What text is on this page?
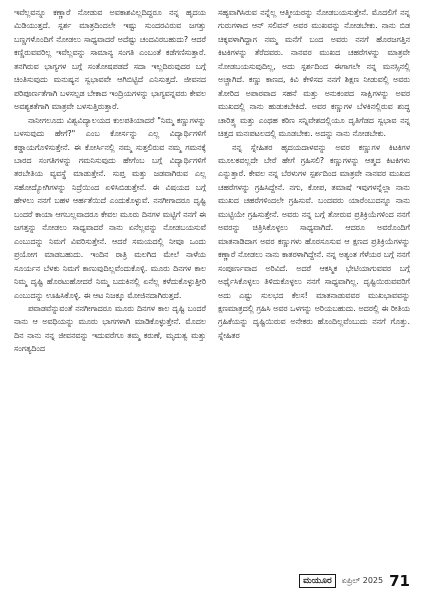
ಇವೆಲ್ಲವನ್ನೂ ಕಣ್ಣಾರೆ ನೋಡುವ ಅವಕಾಶವಿಲ್ಲದಿದ್ದರೂ ನನ್ನ ಹೃದಯ ಮಿಡಿಯುತ್ತದೆ. ಸ್ಪರ್ಶ ಮಾತ್ರದಿಂದಲೇ ಇಷ್ಟು ಸುಂದರವಿರುವ ಜಗತ್ತು ಬಣ್ಣಗಳೊಂದಿಗೆ ನೋಡಲು ಸಾಧ್ಯವಾದರೆ ಅದೆಷ್ಟು ಚಂದವಿರಬಹುದು? ಆದರೆ ಕಣ್ಣಿರುವವರಿಲ್ಲ ಇವೆಲ್ಲವನ್ನು ಸಾಮಾನ್ಯ ಸಂಗತಿ ಎಂಬಂತೆ ಕಡೆಗಣಿಸುತ್ತಾರೆ. ತನಗಿರುವ ಭಾಗ್ಯಗಳ ಬಗ್ಗೆ ಸಂತೋಷಪಡದೆ ಸದಾ ಇಲ್ಲದಿರುವುದರ ಬಗ್ಗೆ ಚಿಂತಿಸುವುದು ಮನುಷ್ಯನ ಸ್ವಭಾವವೇ ಆಗಿಬಿಟ್ಟಿದೆ ಎನಿಸುತ್ತದೆ. ಜೀವನದ ಪರಿಪೂರ್ಣತೆಗಾಗಿ ಬಳಸಲ್ಪಡ ಬೇಕಾದ ಇಂದ್ರಿಯಗಳನ್ನು ಭಾಗ್ಯವನ್ನವರು ಕೇವಲ ಅವಶ್ಯಕತೆಗಾಗಿ ಮಾತ್ರವೇ ಬಳಸುತ್ತಿರುತ್ತಾರೆ.

ನಾನೀಗಲೂದು ವಿಶ್ವವಿದ್ಯಾಲಯದ ಕುಲಪತಿಯಾದರೆ "ನಿಮ್ಮ ಕಣ್ಣುಗಳನ್ನು ಬಳಸುವುದು ಹೇಗೆ?" ಎಂಬ ಕೋರ್ಸನ್ನು ಎಲ್ಲ ವಿದ್ಯಾರ್ಥಿಗಳಿಗೆ ಕಡ್ಡಾಯಗೊಳಿಸುತ್ತೇನೆ. ಈ ಕೋರ್ಸಿನಲ್ಲಿ ನಮ್ಮ ಸುತ್ತಲಿರುವ ನಮ್ಮ ಗಮನಕ್ಕೆ ಬಾರದ ಸಂಗತಿಗಳನ್ನು ಗಮನಿಸುವುದು ಹೇಗೆಂಬ ಬಗ್ಗೆ ವಿದ್ಯಾರ್ಥಿಗಳಿಗೆ ತರಬೇತಿಯ ವ್ಯವಸ್ಥೆ ಮಾಡುತ್ತೇನೆ. ಸುಪ್ತ ಮತ್ತು ಜಡವಾಗಿರುವ ಎಲ್ಲ ಸಹೋದ್ಯೋಗಿಗಳನ್ನು ನಿದ್ರೆಯಿಂದ ಏಳಿಸಿಬಿಡುತ್ತೇನೆ. ಈ ವಿಷಯದ ಬಗ್ಗೆ ಹೇಳಲು ನನಗೆ ಬಹಳ ಆರ್ಹತೆಯಿದೆ ಎಂದುಕೊಳ್ಳುವೆ. ನನಗೀಗಾದರೂ ದೃಷ್ಟಿ ಬಂದರೆ ಕಾಯಾ ಆಗಬಲ್ಲವಾದರೂ ಕೇವಲ ಮೂರು ದಿನಗಳ ಮಟ್ಟಿಗೆ ನನಗೆ ಈ ಜಗತ್ತನ್ನು ನೋಡಲು ಸಾಧ್ಯವಾದರೆ ನಾನು ಏನೆಲ್ಲವನ್ನು ನೋಡಬಯಸುವೆ ಎಂಬುದನ್ನು ನಿಮಗೆ ವಿವರಿಸುತ್ತೇನೆ. ಆದರೆ ಸಮಯದಲ್ಲಿ ನೀವೂ ಒಂದು ಪ್ರಯೋಗ ಮಾಡಬಹುದು. ಇಂದಿನ ರಾತ್ರಿ ಮಲಗಿದ ಮೇಲೆ ನಾಳೆಯ ಸೂರ್ಯನ ಬೆಳಕು ನಿಮಗೆ ಕಾಣುವುದಿಲ್ಲವೆಂದುಕೊಳ್ಳಿ. ಮೂರು ದಿನಗಳ ಕಾಲ ನಿಮ್ಮ ದೃಷ್ಟಿ ಹೊರಟುಹೋದರೆ ನಿಮ್ಮ ಬದುಕಿನಲ್ಲಿ ಏನೆಲ್ಲ ಕಳೆದುಕೊಳ್ಳುತ್ತೀರಿ ಎಂಬುದನ್ನು ಊಹಿಸಿಕೊಳ್ಳಿ. ಈ ಆಟ ನಿಜಕ್ಕೂ ಮೋಜಿನದಾಗಿರುತ್ತದೆ.

ಪವಾಡವೆನ್ನುವಂತೆ ನನಗೀಗಾದರೂ ಮೂರು ದಿನಗಳ ಕಾಲ ದೃಷ್ಟಿ ಬಂದರೆ ನಾನು ಆ ಅವಧಿಯನ್ನು ಮೂರು ಭಾಗಗಳಾಗಿ ಮಾಡಿಕೊಳ್ಳುತ್ತೇನೆ. ಮೊದಲ ದಿನ ನಾನು ನನ್ನ ಜೀವನವನ್ನು ಇದುವರೆಗೂ ತಮ್ಮ ಕರುಣೆ, ಮೃದುತ್ವ ಮತ್ತು ಸಂಗತ್ಯದಿಂದ

ಸಹ್ಯವಾಗಿಸಿರುವ ನನ್ನೆಲ್ಲ ಆತ್ಮೀಯರನ್ನು ನೋಡಬಯಸುತ್ತೇನೆ. ಮೊದಲಿಗೆ ನನ್ನ ಗುರುಗಳಾದ ಆನ್ ಸಲಿವನ್ ಅವರ ಮುಖವನ್ನು ನೋಡಬೇಕು. ನಾನು ಬಿಡ ಚಿಕ್ಕವಳಾಗಿದ್ದಾಗ ನಮ್ಮ ಮನೆಗೆ ಬಂದ ಅವರು ನನಗೆ ಹೊರಜಗತ್ತಿನ ಕಿಟಕಿಗಳನ್ನು ತೆರೆದವರು. ನಾನವರ ಮುಖದ ಚಹರೆಗಳನ್ನು ಮಾತ್ರವೇ ನೋಡಬಯಸುವುದಿಲ್ಲ, ಅದು ಸ್ಪರ್ಶದಿಂದ ಈಗಾಗಲೇ ನನ್ನ ಮನಸ್ಸಿನಲ್ಲಿ ಅಚ್ಚಾಗಿದೆ. ಕಣ್ಣು ಕಾಣದ, ಕಿವಿ ಕೇಳಿಸದ ನನಗೆ ಶಿಕ್ಷಣ ನೀಡುವಲ್ಲಿ ಅವರು ತೋರಿದ ಅಪಾರವಾದ ಸಹನೆ ಮತ್ತು ಅನುಕಂಪದ ಸಾಕ್ಷಿಗಳನ್ನು ಅವರ ಮುಖದಲ್ಲಿ ನಾನು ಹುಡುಕಬೇಕಿದೆ. ಅವರ ಕಣ್ಣುಗಳ ಬೆಳಕಿನಲ್ಲಿರುವ ಶುದ್ಧ ಚಾರಿತ್ರ್ಯ ಮತ್ತು ಎಂಥಹ ಕಠಿಣ ಸನ್ನಿವೇಶದಲ್ಲಿಯೂ ದೃತಿಗೆಡದ ಸ್ವಭಾವ ನನ್ನ ಚಿತ್ತದ ಮನಃಪಟಲದಲ್ಲಿ ಮೂಡಬೇಕು. ಅದನ್ನು ನಾನು ನೋಡಬೇಕು.

ನನ್ನ ಸ್ನೇಹಿತರ ಹೃದಯದಾಳವನ್ನು ಅವರ ಕಣ್ಣುಗಳ ಕಿಟಕಿಗಳ ಮೂಲಕವಲ್ಲದೇ ಬೇರೆ ಹೇಗೆ ಗ್ರಹಿಸಲಿ? ಕಣ್ಣುಗಳನ್ನು ಆತ್ಮದ ಕಿಟಕಿಗಳು ಎನ್ನುತ್ತಾರೆ. ಕೇವಲ ನನ್ನ ಬೆರಳುಗಳ ಸ್ಪರ್ಶದಿಂದ ಮಾತ್ರವೇ ನಾನವರ ಮುಖದ ಚಹರೆಗಳನ್ನು ಗ್ರಹಿಸಿದ್ದೇನೆ. ನಗು, ಕೋಪ, ತಮಾಷೆ ಇವುಗಳನ್ನೆಲ್ಲಾ ನಾನು ಮುಖದ ಚಹರೆಗಳಿಂದಲೇ ಗ್ರಹಿಸುವೆ. ಬಂದವರು ಯಾರೆಂಬುದನ್ನೂ ನಾನು ಮುಟ್ಟಿಯೇ ಗ್ರಹಿಸುತ್ತೇನೆ. ಅವರು ನನ್ನ ಬಗ್ಗೆ ತೋರುವ ಪ್ರತಿಕ್ರಿಯೆಗಳಿಂದ ನನಗೆ ಅವರನ್ನು ಚಿತ್ರಿಸಿಕೊಳ್ಳಲು ಸಾಧ್ಯವಾಗಿದೆ. ಆದರೂ ಅವರೊಂದಿಗೆ ಮಾತನಾಡಿದಾಗ ಅವರ ಕಣ್ಣುಗಳು ಹೊರಸೂಸುವ ಆ ಕ್ಷಣದ ಪ್ರತಿಕ್ರಿಯೆಗಳನ್ನು ಕಣ್ಣಾರೆ ನೋಡಲು ನಾನು ಕಾತರಳಾಗಿದ್ದೇನೆ. ನನ್ನ ಅತ್ಯಂತ ಗೆಳೆಯರ ಬಗ್ಗೆ ನನಗೆ ಸಂಪೂರ್ಣವಾದ ಅರಿವಿದೆ. ಅದರೆ ಆಕಸ್ಮಿಕ ಭೇಟಿಯಾಗುವವರ ಬಗ್ಗೆ ಅರ್ಥೈಸಿಕೊಳ್ಳಲು ತಿಳಿದುಕೊಳ್ಳಲು ನನಗೆ ಸಾಧ್ಯವಾಗಿಲ್ಲ. ದೃಷ್ಟಿಯಿರುವವರಿಗೆ ಅದು ಎಷ್ಟು ಸುಲಭದ ಕೆಲಸ! ಮಾತನಾಡುವವರ ಮುಖಭಾವವನ್ನು ಕ್ಷಣಮಾತ್ರದಲ್ಲಿ ಗ್ರಹಿಸಿ ಅವರ ಒಳಗನ್ನು ಅರಿಯಬಹುದು. ಅದರಲ್ಲಿ ಈ ರೀತಿಯ ಗ್ರಹಿಕೆಯನ್ನು ದೃಷ್ಟಿಯಿರುವ ಅನೇಕರು ಹೊಂದಿಲ್ಲವೆಂಬುದು ನನಗೆ ಗೊತ್ತು. ಸ್ನೇಹಿತರ

ಮಯೂರ	ಏಪ್ರಿಲ್ 2025 71
